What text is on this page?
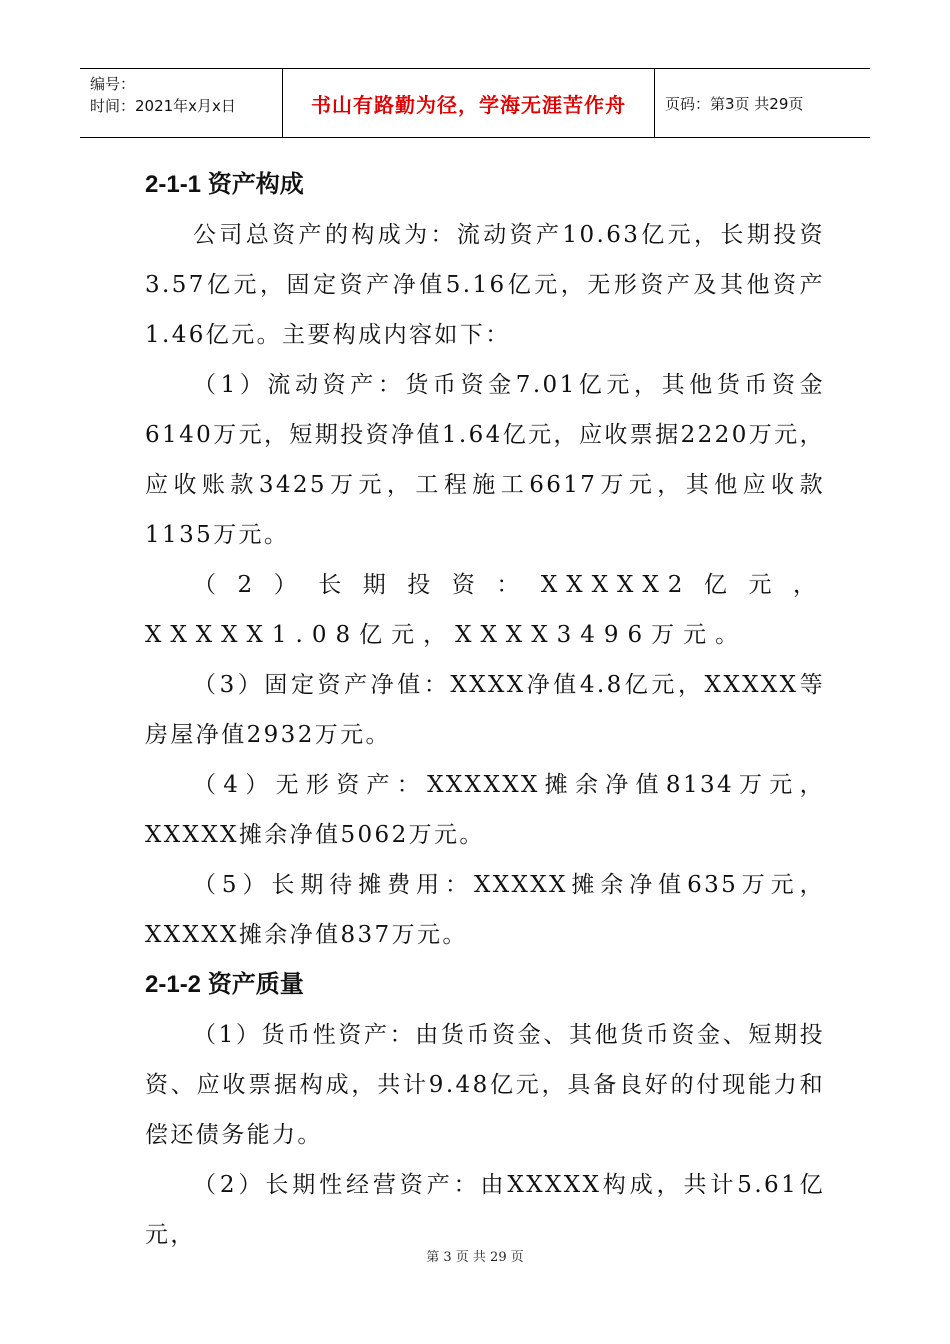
编号：
时间：2021年x月x日	书山有路勤为径，学海无涯苦作舟	页码：第3页 共29页
2-1-1 资产构成

公司总资产的构成为：流动资产10.63亿元，长期投资3.57亿元，固定资产净值5.16亿元，无形资产及其他资产1.46亿元。主要构成内容如下：

（1）流动资产：货币资金7.01亿元，其他货币资金6140万元，短期投资净值1.64亿元，应收票据2220万元，应收账款3425万元，工程施工6617万元，其他应收款1135万元。

（2）长期投资：XXXXX2亿元，XXXXX1.08亿元，XXXX3496万元。

（3）固定资产净值：XXXX净值4.8亿元，XXXXX等房屋净值2932万元。

（4）无形资产：XXXXXX摊余净值8134万元，XXXXX摊余净值5062万元。

（5）长期待摊费用：XXXXX摊余净值635万元，XXXXX摊余净值837万元。

2-1-2 资产质量

（1）货币性资产：由货币资金、其他货币资金、短期投资、应收票据构成，共计9.48亿元，具备良好的付现能力和偿还债务能力。

（2）长期性经营资产：由XXXXX构成，共计5.61亿元，

第 3 页 共 29 页
